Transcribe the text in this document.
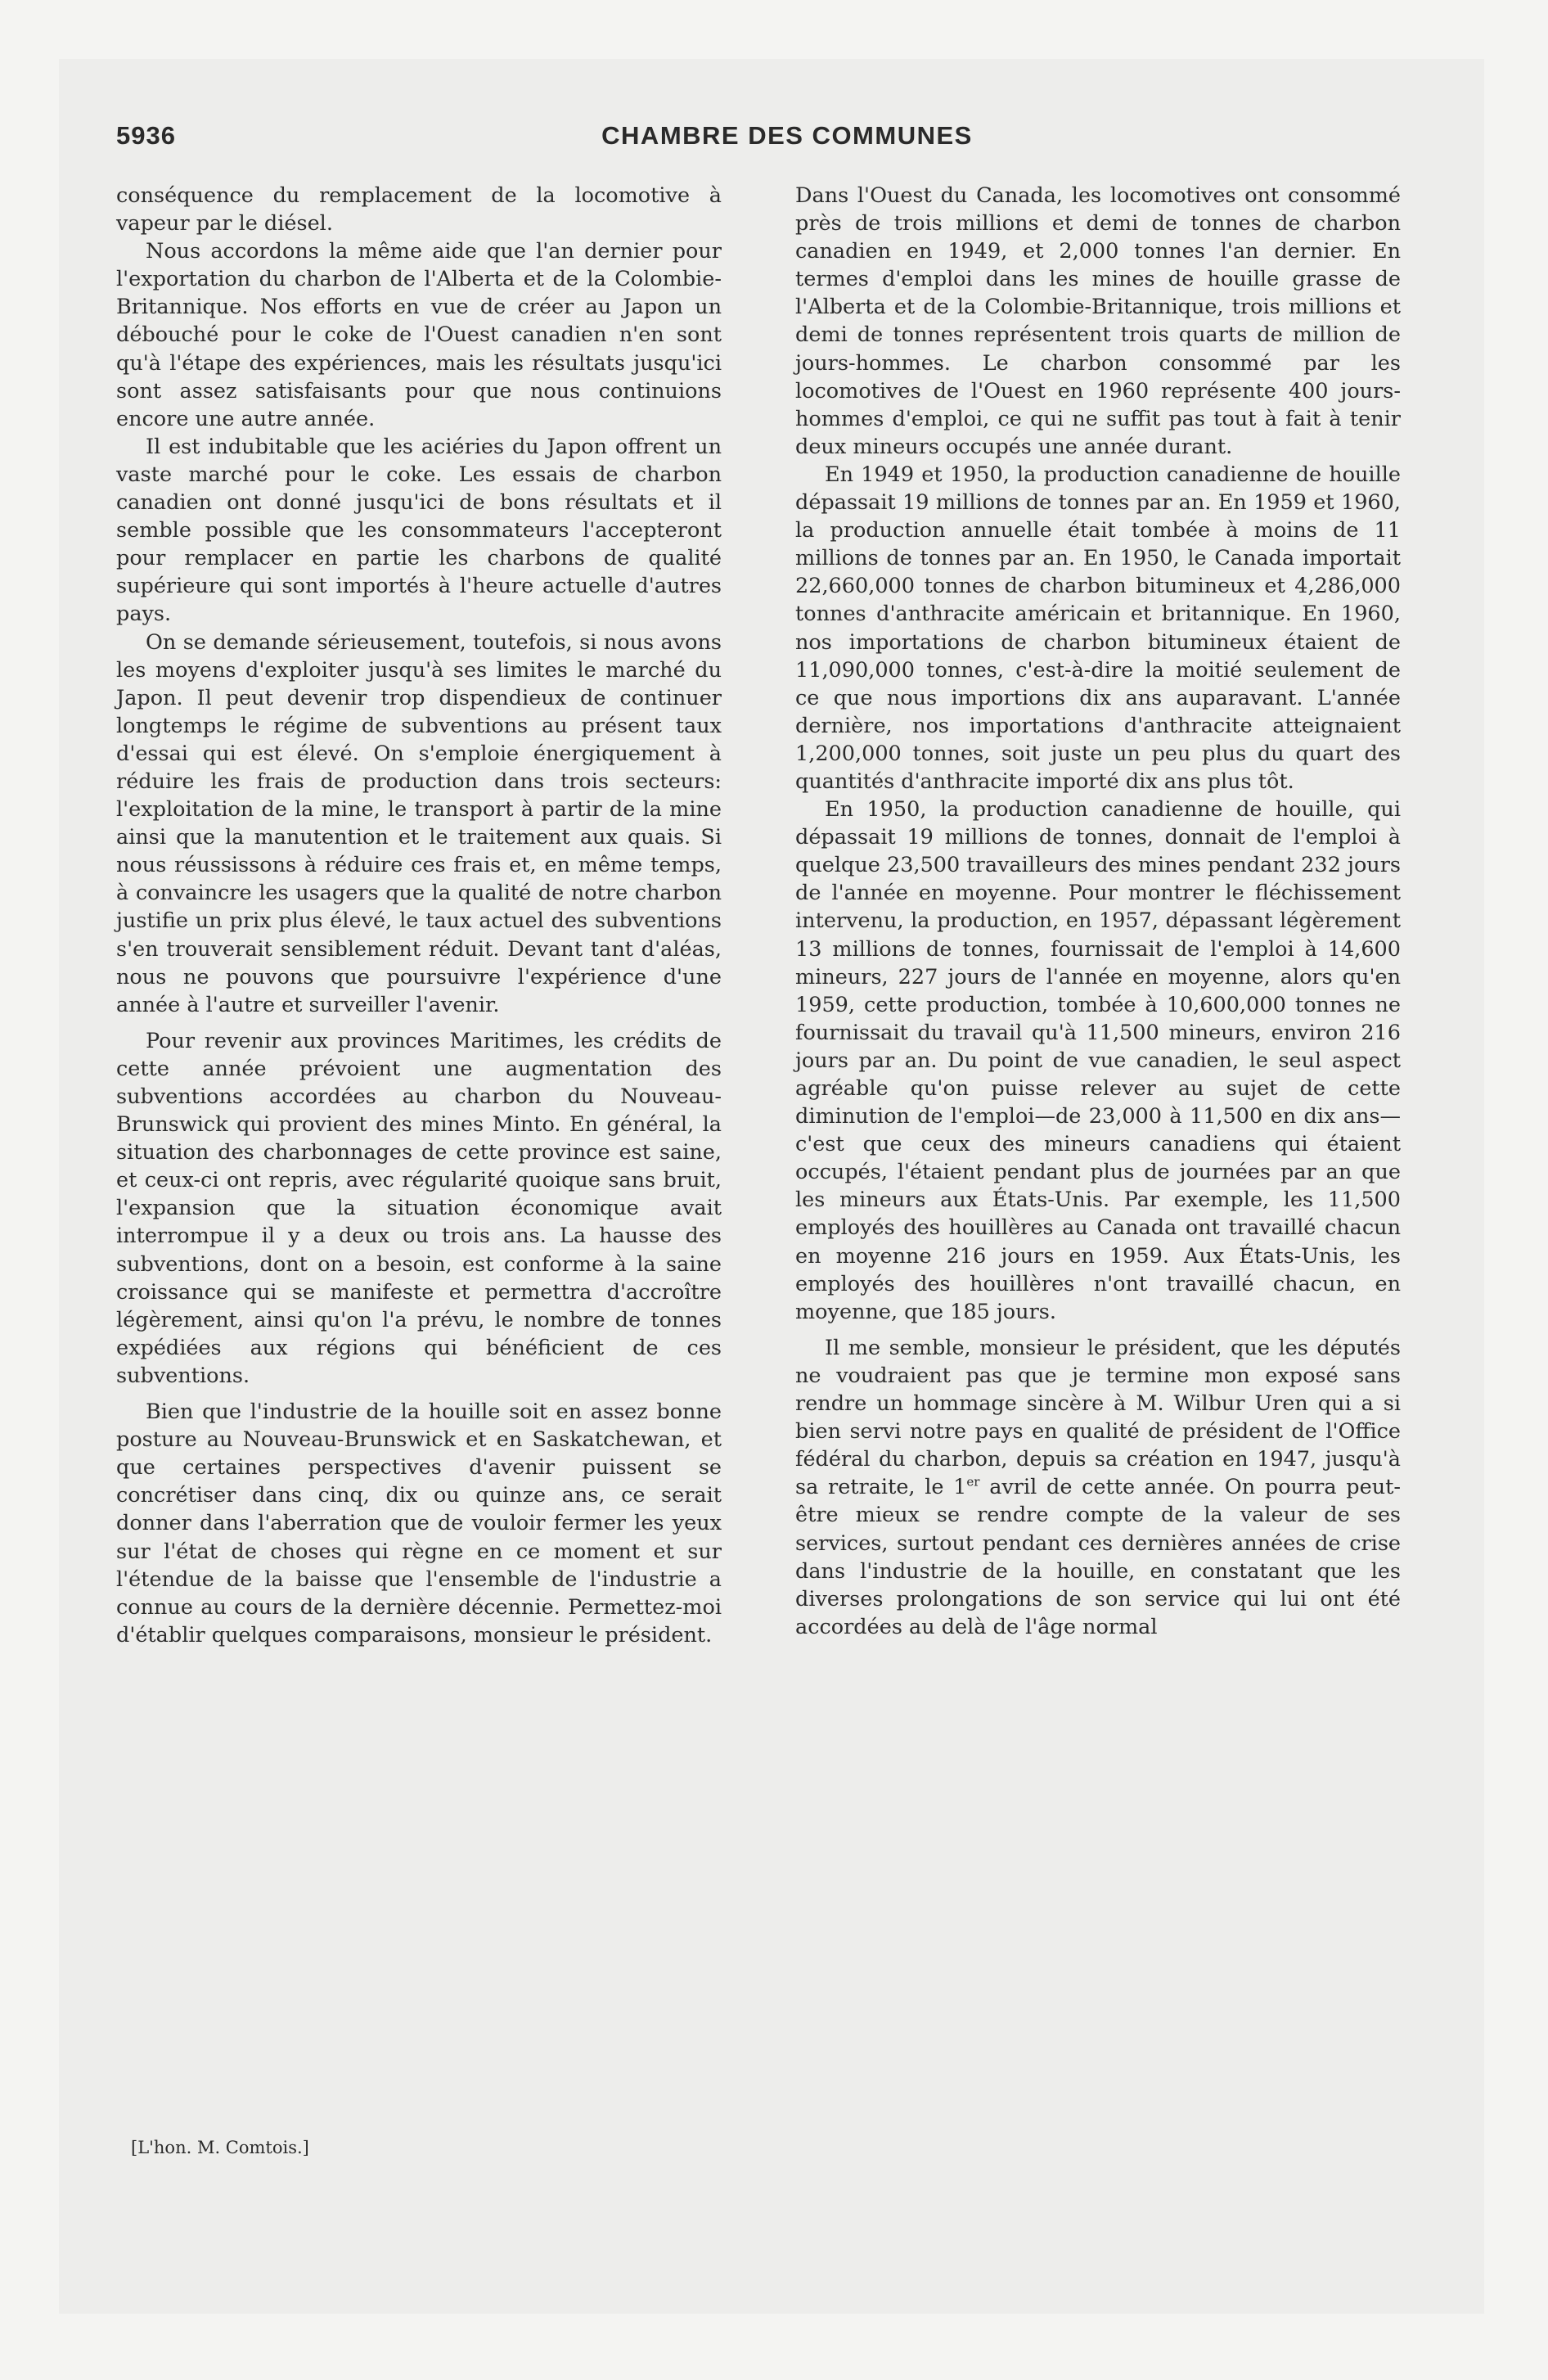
5936	CHAMBRE DES COMMUNES

conséquence du remplacement de la locomotive à vapeur par le diésel.

Nous accordons la même aide que l'an dernier pour l'exportation du charbon de l'Alberta et de la Colombie-Britannique. Nos efforts en vue de créer au Japon un débouché pour le coke de l'Ouest canadien n'en sont qu'à l'étape des expériences, mais les résultats jusqu'ici sont assez satisfaisants pour que nous continuions encore une autre année.

Il est indubitable que les aciéries du Japon offrent un vaste marché pour le coke. Les essais de charbon canadien ont donné jusqu'ici de bons résultats et il semble possible que les consommateurs l'accepteront pour remplacer en partie les charbons de qualité supérieure qui sont importés à l'heure actuelle d'autres pays.

On se demande sérieusement, toutefois, si nous avons les moyens d'exploiter jusqu'à ses limites le marché du Japon. Il peut devenir trop dispendieux de continuer longtemps le régime de subventions au présent taux d'essai qui est élevé. On s'emploie énergiquement à réduire les frais de production dans trois secteurs: l'exploitation de la mine, le transport à partir de la mine ainsi que la manutention et le traitement aux quais. Si nous réussissons à réduire ces frais et, en même temps, à convaincre les usagers que la qualité de notre charbon justifie un prix plus élevé, le taux actuel des subventions s'en trouverait sensiblement réduit. Devant tant d'aléas, nous ne pouvons que poursuivre l'expérience d'une année à l'autre et surveiller l'avenir.

Pour revenir aux provinces Maritimes, les crédits de cette année prévoient une augmentation des subventions accordées au charbon du Nouveau-Brunswick qui provient des mines Minto. En général, la situation des charbonnages de cette province est saine, et ceux-ci ont repris, avec régularité quoique sans bruit, l'expansion que la situation économique avait interrompue il y a deux ou trois ans. La hausse des subventions, dont on a besoin, est conforme à la saine croissance qui se manifeste et permettra d'accroître légèrement, ainsi qu'on l'a prévu, le nombre de tonnes expédiées aux régions qui bénéficient de ces subventions.

Bien que l'industrie de la houille soit en assez bonne posture au Nouveau-Brunswick et en Saskatchewan, et que certaines perspectives d'avenir puissent se concrétiser dans cinq, dix ou quinze ans, ce serait donner dans l'aberration que de vouloir fermer les yeux sur l'état de choses qui règne en ce moment et sur l'étendue de la baisse que l'ensemble de l'industrie a connue au cours de la dernière décennie. Permettez-moi d'établir quelques comparaisons, monsieur le président.

[L'hon. M. Comtois.]

Dans l'Ouest du Canada, les locomotives ont consommé près de trois millions et demi de tonnes de charbon canadien en 1949, et 2,000 tonnes l'an dernier. En termes d'emploi dans les mines de houille grasse de l'Alberta et de la Colombie-Britannique, trois millions et demi de tonnes représentent trois quarts de million de jours-hommes. Le charbon consommé par les locomotives de l'Ouest en 1960 représente 400 jours-hommes d'emploi, ce qui ne suffit pas tout à fait à tenir deux mineurs occupés une année durant.

En 1949 et 1950, la production canadienne de houille dépassait 19 millions de tonnes par an. En 1959 et 1960, la production annuelle était tombée à moins de 11 millions de tonnes par an. En 1950, le Canada importait 22,660,000 tonnes de charbon bitumineux et 4,286,000 tonnes d'anthracite américain et britannique. En 1960, nos importations de charbon bitumineux étaient de 11,090,000 tonnes, c'est-à-dire la moitié seulement de ce que nous importions dix ans auparavant. L'année dernière, nos importations d'anthracite atteignaient 1,200,000 tonnes, soit juste un peu plus du quart des quantités d'anthracite importé dix ans plus tôt.

En 1950, la production canadienne de houille, qui dépassait 19 millions de tonnes, donnait de l'emploi à quelque 23,500 travailleurs des mines pendant 232 jours de l'année en moyenne. Pour montrer le fléchissement intervenu, la production, en 1957, dépassant légèrement 13 millions de tonnes, fournissait de l'emploi à 14,600 mineurs, 227 jours de l'année en moyenne, alors qu'en 1959, cette production, tombée à 10,600,000 tonnes ne fournissait du travail qu'à 11,500 mineurs, environ 216 jours par an. Du point de vue canadien, le seul aspect agréable qu'on puisse relever au sujet de cette diminution de l'emploi—de 23,000 à 11,500 en dix ans—c'est que ceux des mineurs canadiens qui étaient occupés, l'étaient pendant plus de journées par an que les mineurs aux États-Unis. Par exemple, les 11,500 employés des houillères au Canada ont travaillé chacun en moyenne 216 jours en 1959. Aux États-Unis, les employés des houillères n'ont travaillé chacun, en moyenne, que 185 jours.

Il me semble, monsieur le président, que les députés ne voudraient pas que je termine mon exposé sans rendre un hommage sincère à M. Wilbur Uren qui a si bien servi notre pays en qualité de président de l'Office fédéral du charbon, depuis sa création en 1947, jusqu'à sa retraite, le 1er avril de cette année. On pourra peut-être mieux se rendre compte de la valeur de ses services, surtout pendant ces dernières années de crise dans l'industrie de la houille, en constatant que les diverses prolongations de son service qui lui ont été accordées au delà de l'âge normal
